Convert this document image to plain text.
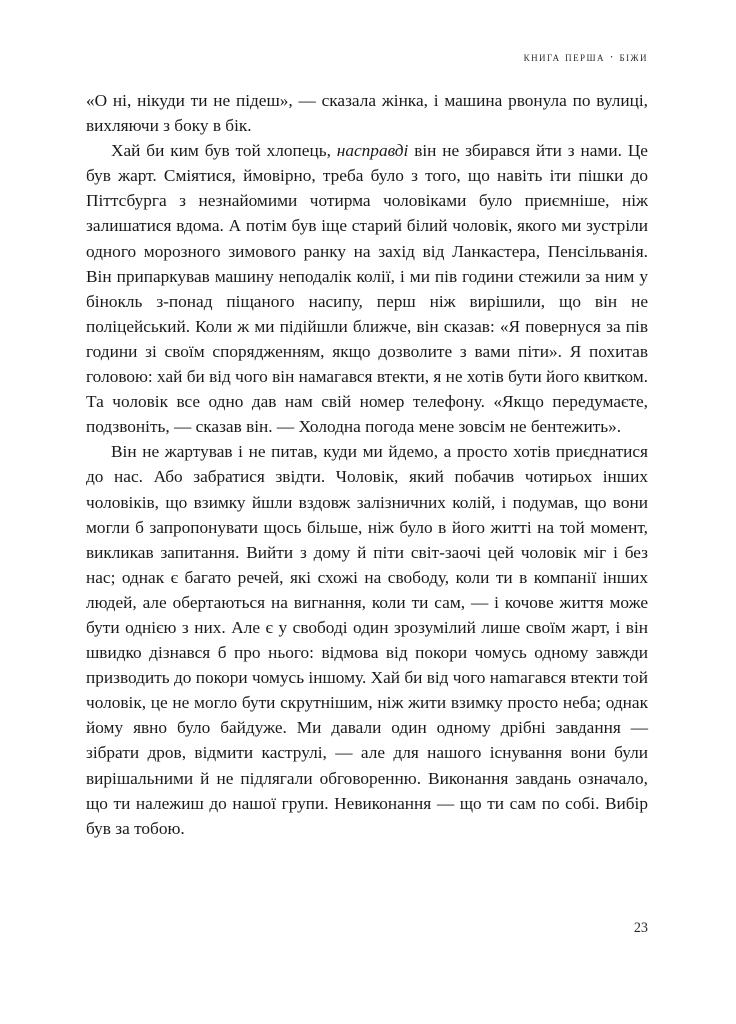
книга перша · біжи

«О ні, нікуди ти не підеш», — сказала жінка, і машина рвонула по вулиці, вихляючи з боку в бік.

Хай би ким був той хлопець, насправді він не збирався йти з нами. Це був жарт. Сміятися, ймовірно, треба було з того, що навіть іти пішки до Піттсбурга з незнайомими чотирма чоловіками було приємніше, ніж залишатися вдома. А потім був іще старий білий чоловік, якого ми зустріли одного морозного зимового ранку на захід від Ланкастера, Пенсільванія. Він припаркував машину неподалік колії, і ми пів години стежили за ним у бінокль з-понад піщаного насипу, перш ніж вирішили, що він не поліцейський. Коли ж ми підійшли ближче, він сказав: «Я повернуся за пів години зі своїм спорядженням, якщо дозволите з вами піти». Я похитав головою: хай би від чого він намагався втекти, я не хотів бути його квитком. Та чоловік все одно дав нам свій номер телефону. «Якщо передумаєте, подзвоніть, — сказав він. — Холодна погода мене зовсім не бентежить».

Він не жартував і не питав, куди ми йдемо, а просто хотів приєднатися до нас. Або забратися звідти. Чоловік, який побачив чотирьох інших чоловіків, що взимку йшли вздовж залізничних колій, і подумав, що вони могли б запропонувати щось більше, ніж було в його житті на той момент, викликав запитання. Вийти з дому й піти світ-заочі цей чоловік міг і без нас; однак є багато речей, які схожі на свободу, коли ти в компанії інших людей, але обертаються на вигнання, коли ти сам, — і кочове життя може бути однією з них. Але є у свободі один зрозумілий лише своїм жарт, і він швидко дізнався б про нього: відмова від покори чомусь одному завжди призводить до покори чомусь іншому. Хай би від чого наmагався втекти той чоловік, це не могло бути скрутнішим, ніж жити взимку просто неба; однак йому явно було байдуже. Ми давали один одному дрібні завдання — зібрати дров, відмити каструлі, — але для нашого існування вони були вирішальними й не підлягали обговоренню. Виконання завдань означало, що ти належиш до нашої групи. Невиконання — що ти сам по собі. Вибір був за тобою.

23
